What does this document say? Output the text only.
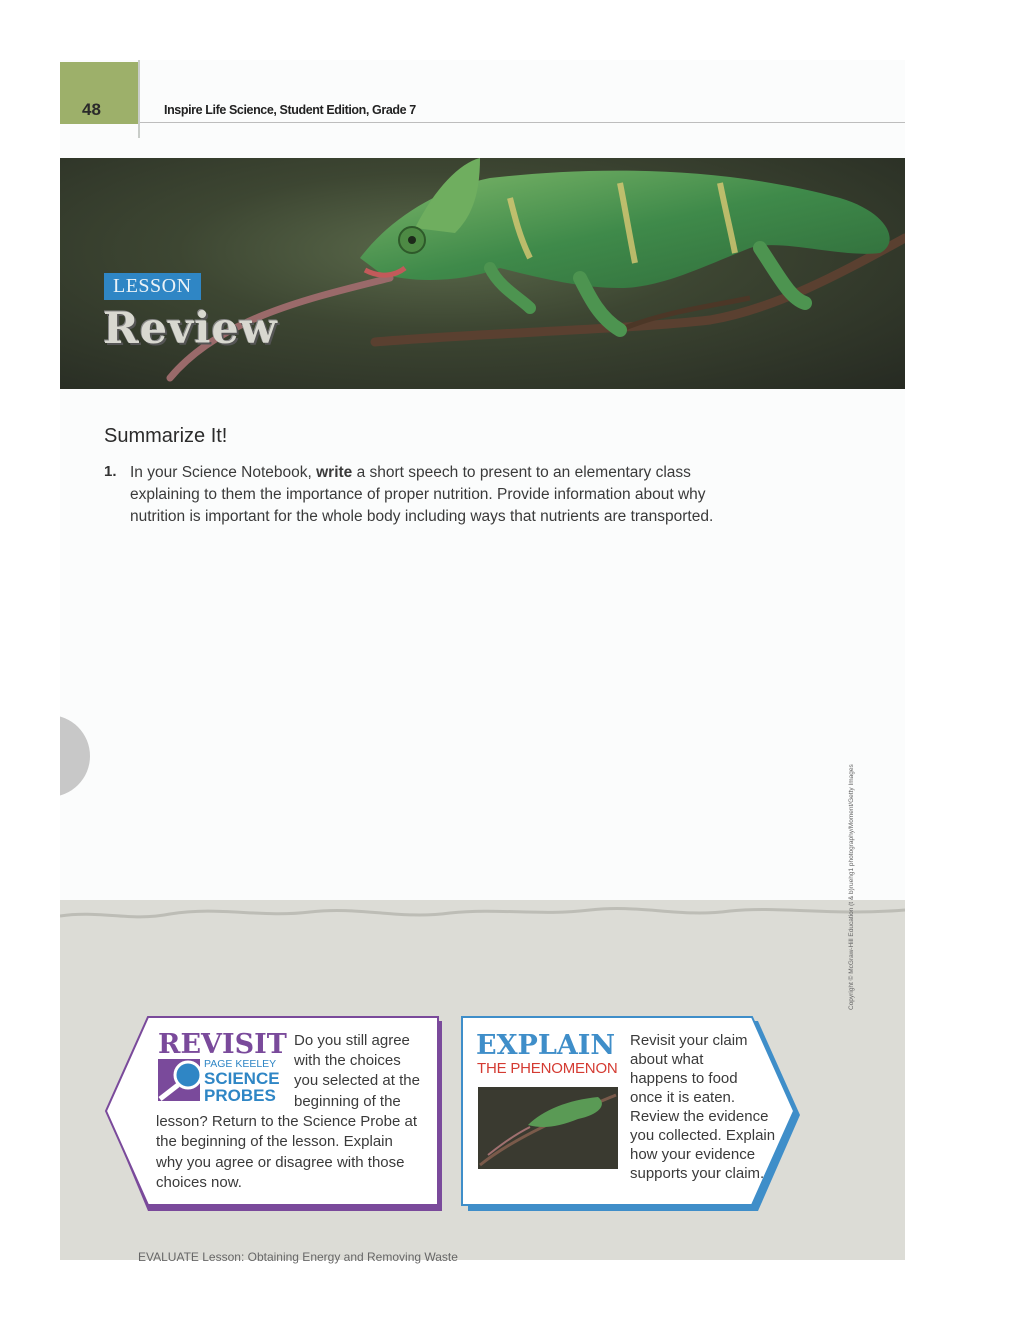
48	Inspire Life Science, Student Edition, Grade 7
LESSON
Review
Summarize It!
1. In your Science Notebook, write a short speech to present to an elementary class explaining to them the importance of proper nutrition. Provide information about why nutrition is important for the whole body including ways that nutrients are transported.
REVISIT
PAGE KEELEY
SCIENCE
PROBES
Do you still agree
with the choices
you selected at the
beginning of the
lesson? Return to the Science Probe at
the beginning of the lesson. Explain
why you agree or disagree with those
choices now.
EXPLAIN
THE PHENOMENON
Revisit your claim
about what
happens to food
once it is eaten.
Review the evidence
you collected. Explain
how your evidence
supports your claim.
Copyright © McGraw-Hill Education (t & b)ruehg1 photography/Moment/Getty Images
EVALUATE Lesson: Obtaining Energy and Removing Waste
